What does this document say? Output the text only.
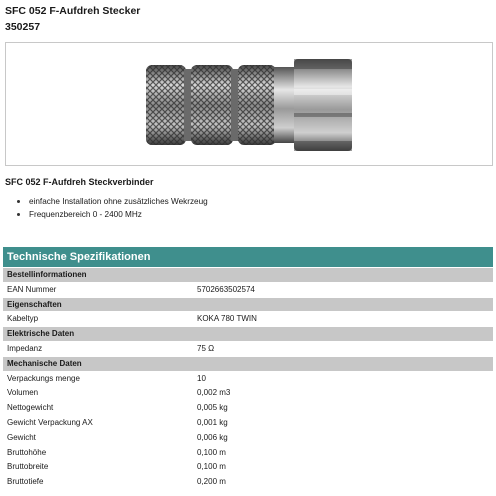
SFC 052 F-Aufdreh Stecker
350257
SFC 052 F-Aufdreh Steckverbinder
einfache Installation ohne zusätzliches Wekrzeug
Frequenzbereich 0 - 2400 MHz
Technische Spezifikationen
Bestellinformationen
EAN Nummer	5702663502574
Eigenschaften
Kabeltyp	KOKA 780 TWIN
Elektrische Daten
Impedanz	75 Ω
Mechanische Daten
Verpackungs menge	10
Volumen	0,002 m3
Nettogewicht	0,005 kg
Gewicht Verpackung AX	0,001 kg
Gewicht	0,006 kg
Bruttohöhe	0,100 m
Bruttobreite	0,100 m
Bruttotiefe	0,200 m
